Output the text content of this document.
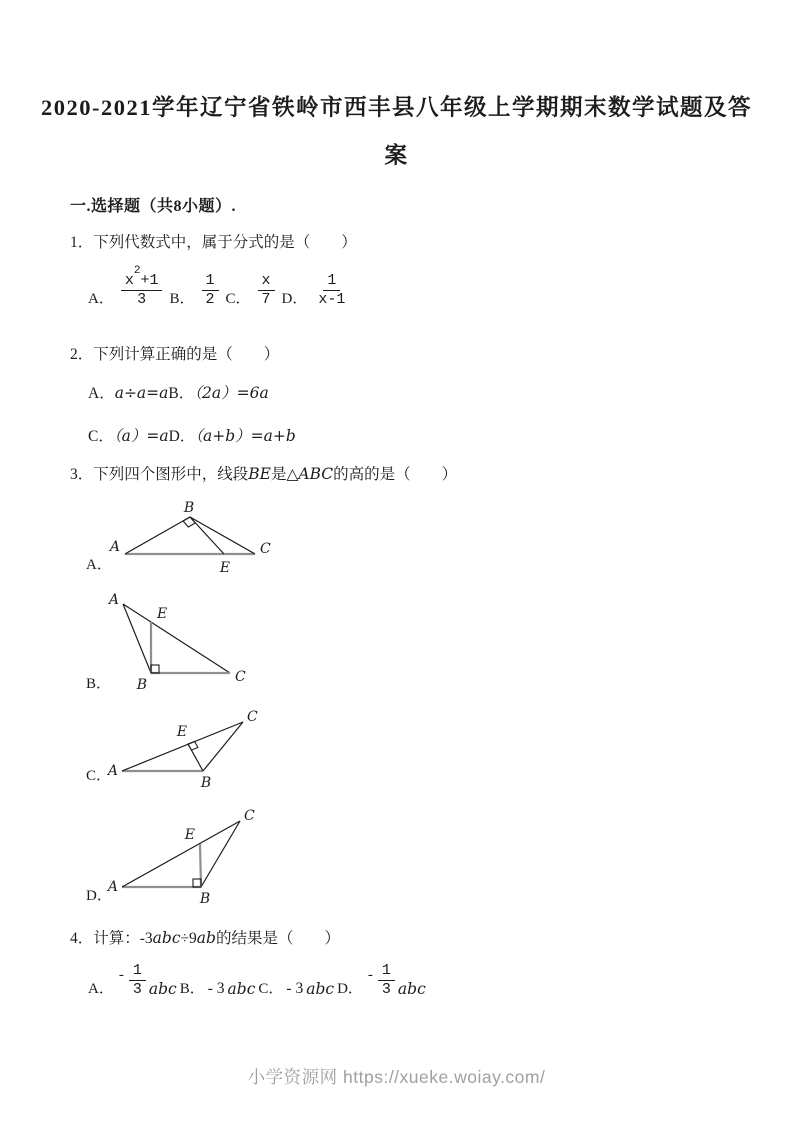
2020-2021学年辽宁省铁岭市西丰县八年级上学期期末数学试题及答
案
一.选择题（共8小题）.
1．下列代数式中，属于分式的是（　　）
A． $\frac{x^2+1}{3}$ B． $\frac{1}{2}$ C． $\frac{x}{7}$ D． $\frac{1}{x-1}$
2．下列计算正确的是（　　）
A．a÷a=aB．（2a）=6a
C．（a）=aD．（a+b）=a+b
3．下列四个图形中，线段BE是△ABC的高的是（　　）
A．
B
A	C
E
B．
A
E
B	C
C．
A
B
C
E
D．
A
B
C
E
4．计算：-3abc÷9ab的结果是（　　）
A．
- $\frac{1}{3}$ abc B． - 3 abc C． - 3 abc D．
- $\frac{1}{3}$ abc
小学资源网 https://xueke.woiay.com/
